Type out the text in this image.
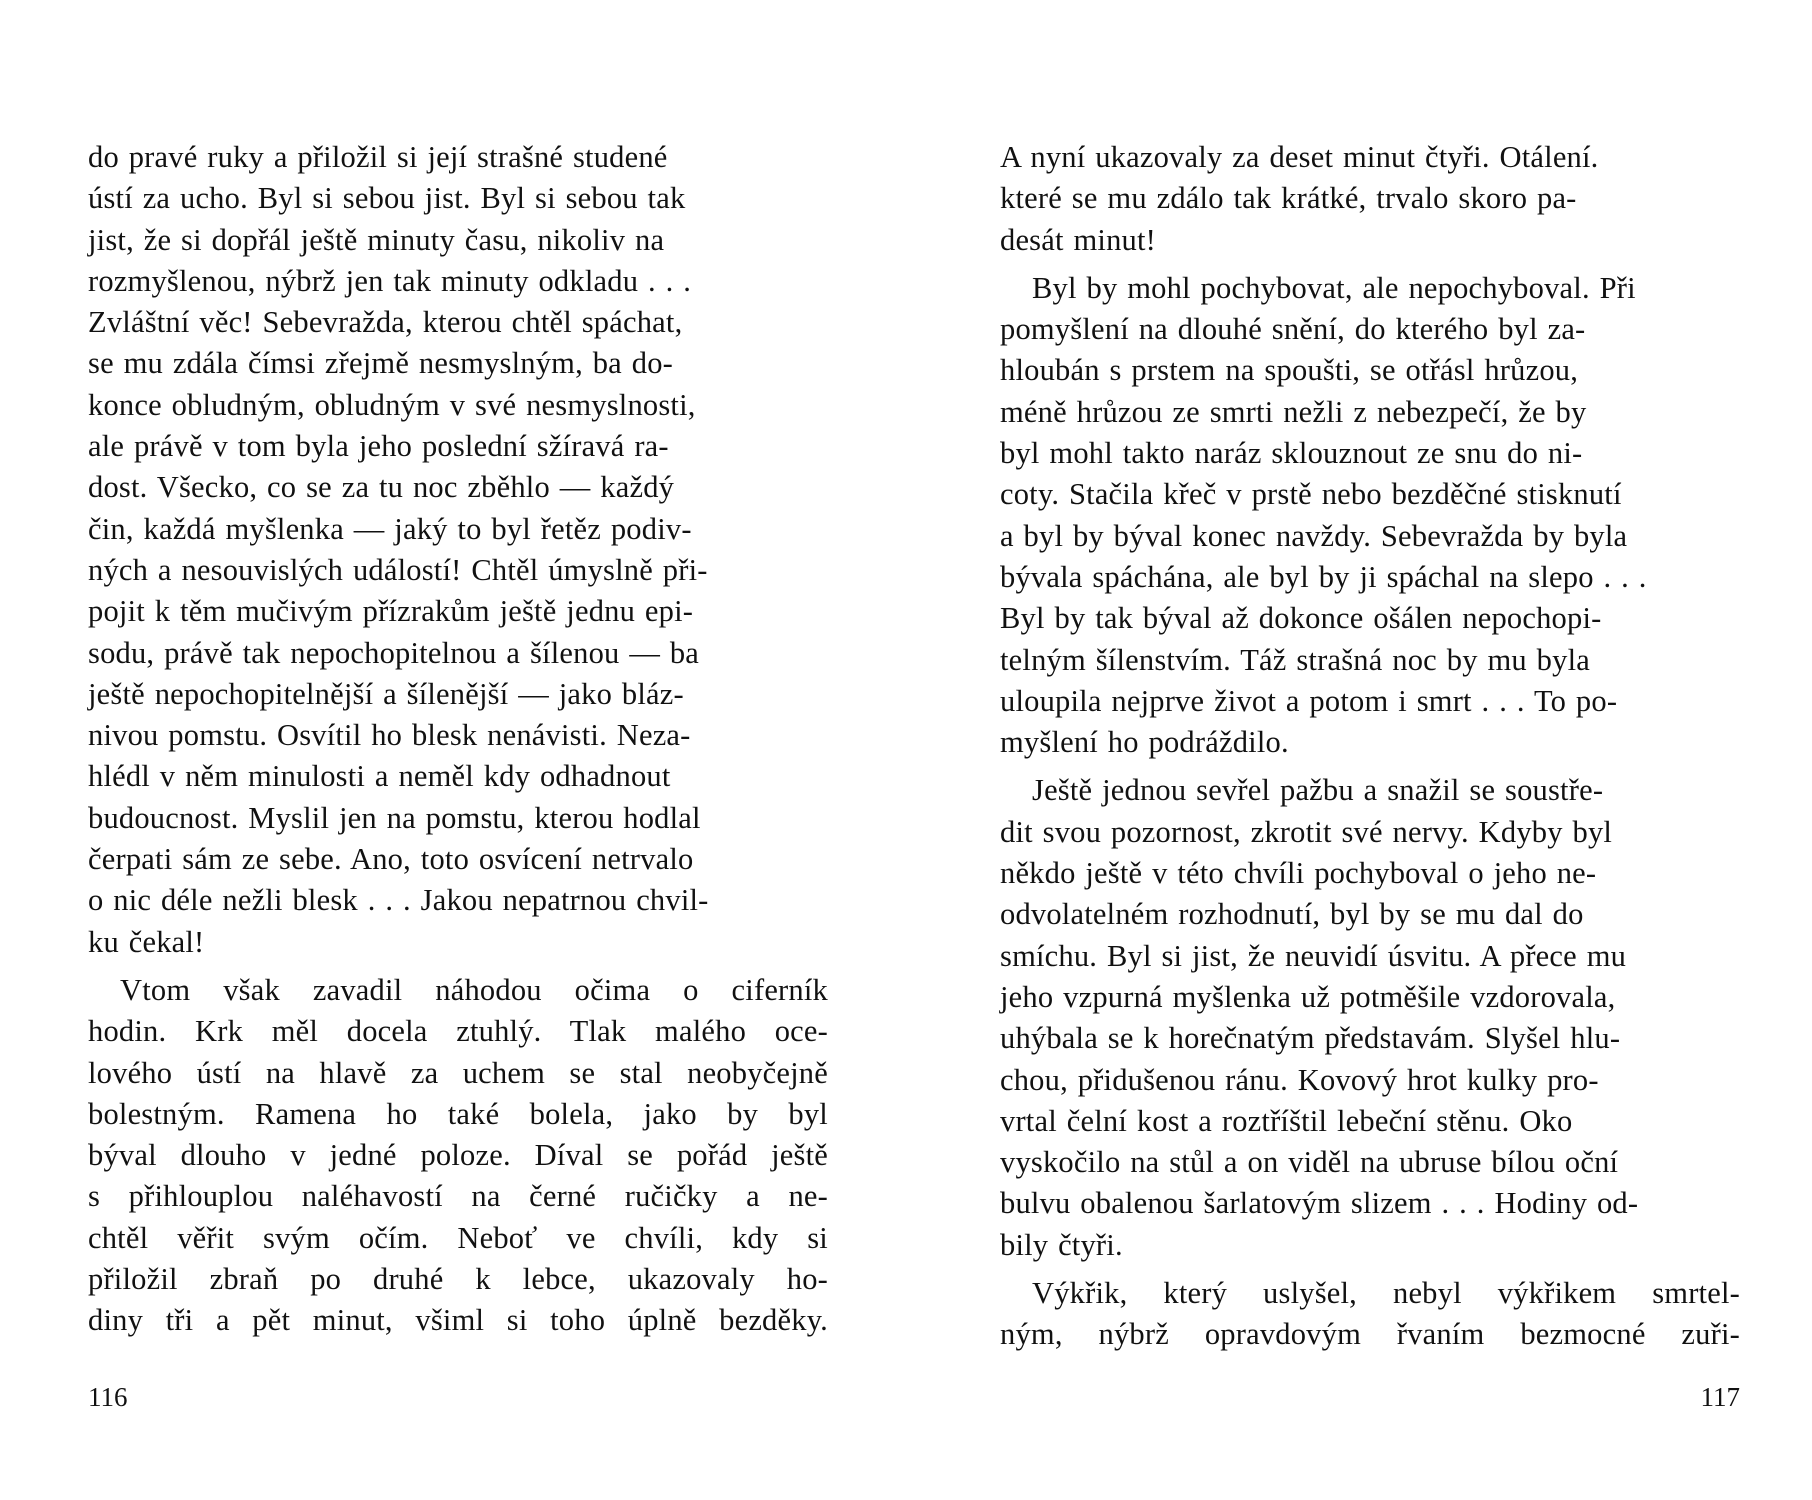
do pravé ruky a přiložil si její strašné studené
ústí za ucho. Byl si sebou jist. Byl si sebou tak
jist, že si dopřál ještě minuty času, nikoliv na
rozmyšlenou, nýbrž jen tak minuty odkladu . . .
Zvláštní věc! Sebevražda, kterou chtěl spáchat,
se mu zdála čímsi zřejmě nesmyslným, ba do-
konce obludným, obludným v své nesmyslnosti,
ale právě v tom byla jeho poslední sžíravá ra-
dost. Všecko, co se za tu noc zběhlo — každý
čin, každá myšlenka — jaký to byl řetěz podiv-
ných a nesouvislých událostí! Chtěl úmyslně při-
pojit k těm mučivým přízrakům ještě jednu epi-
sodu, právě tak nepochopitelnou a šílenou — ba
ještě nepochopitelnější a šílenější — jako bláz-
nivou pomstu. Osvítil ho blesk nenávisti. Neza-
hlédl v něm minulosti a neměl kdy odhadnout
budoucnost. Myslil jen na pomstu, kterou hodlal
čerpati sám ze sebe. Ano, toto osvícení netrvalo
o nic déle nežli blesk . . . Jakou nepatrnou chvil-
ku čekal!

Vtom však zavadil náhodou očima o ciferník
hodin. Krk měl docela ztuhlý. Tlak malého oce-
lového ústí na hlavě za uchem se stal neobyčejně
bolestným. Ramena ho také bolela, jako by byl
býval dlouho v jedné poloze. Díval se pořád ještě
s přihlouplou naléhavostí na černé ručičky a ne-
chtěl věřit svým očím. Neboť ve chvíli, kdy si
přiložil zbraň po druhé k lebce, ukazovaly ho-
diny tři a pět minut, všiml si toho úplně bezděky.

116

A nyní ukazovaly za deset minut čtyři. Otálení.
které se mu zdálo tak krátké, trvalo skoro pa-
desát minut!

Byl by mohl pochybovat, ale nepochyboval. Při
pomyšlení na dlouhé snění, do kterého byl za-
hloubán s prstem na spoušti, se otřásl hrůzou,
méně hrůzou ze smrti nežli z nebezpečí, že by
byl mohl takto naráz sklouznout ze snu do ni-
coty. Stačila křeč v prstě nebo bezděčné stisknutí
a byl by býval konec navždy. Sebevražda by byla
bývala spáchána, ale byl by ji spáchal na slepo . . .
Byl by tak býval až dokonce ošálen nepochopi-
telným šílenstvím. Táž strašná noc by mu byla
uloupila nejprve život a potom i smrt . . . To po-
myšlení ho podráždilo.

Ještě jednou sevřel pažbu a snažil se soustře-
dit svou pozornost, zkrotit své nervy. Kdyby byl
někdo ještě v této chvíli pochyboval o jeho ne-
odvolatelném rozhodnutí, byl by se mu dal do
smíchu. Byl si jist, že neuvidí úsvitu. A přece mu
jeho vzpurná myšlenka už potměšile vzdorovala,
uhýbala se k horečnatým představám. Slyšel hlu-
chou, přidušenou ránu. Kovový hrot kulky pro-
vrtal čelní kost a roztříštil lebeční stěnu. Oko
vyskočilo na stůl a on viděl na ubruse bílou oční
bulvu obalenou šarlatovým slizem . . . Hodiny od-
bily čtyři.

Výkřik, který uslyšel, nebyl výkřikem smrtel-
ným, nýbrž opravdovým řvaním bezmocné zuři-

117
